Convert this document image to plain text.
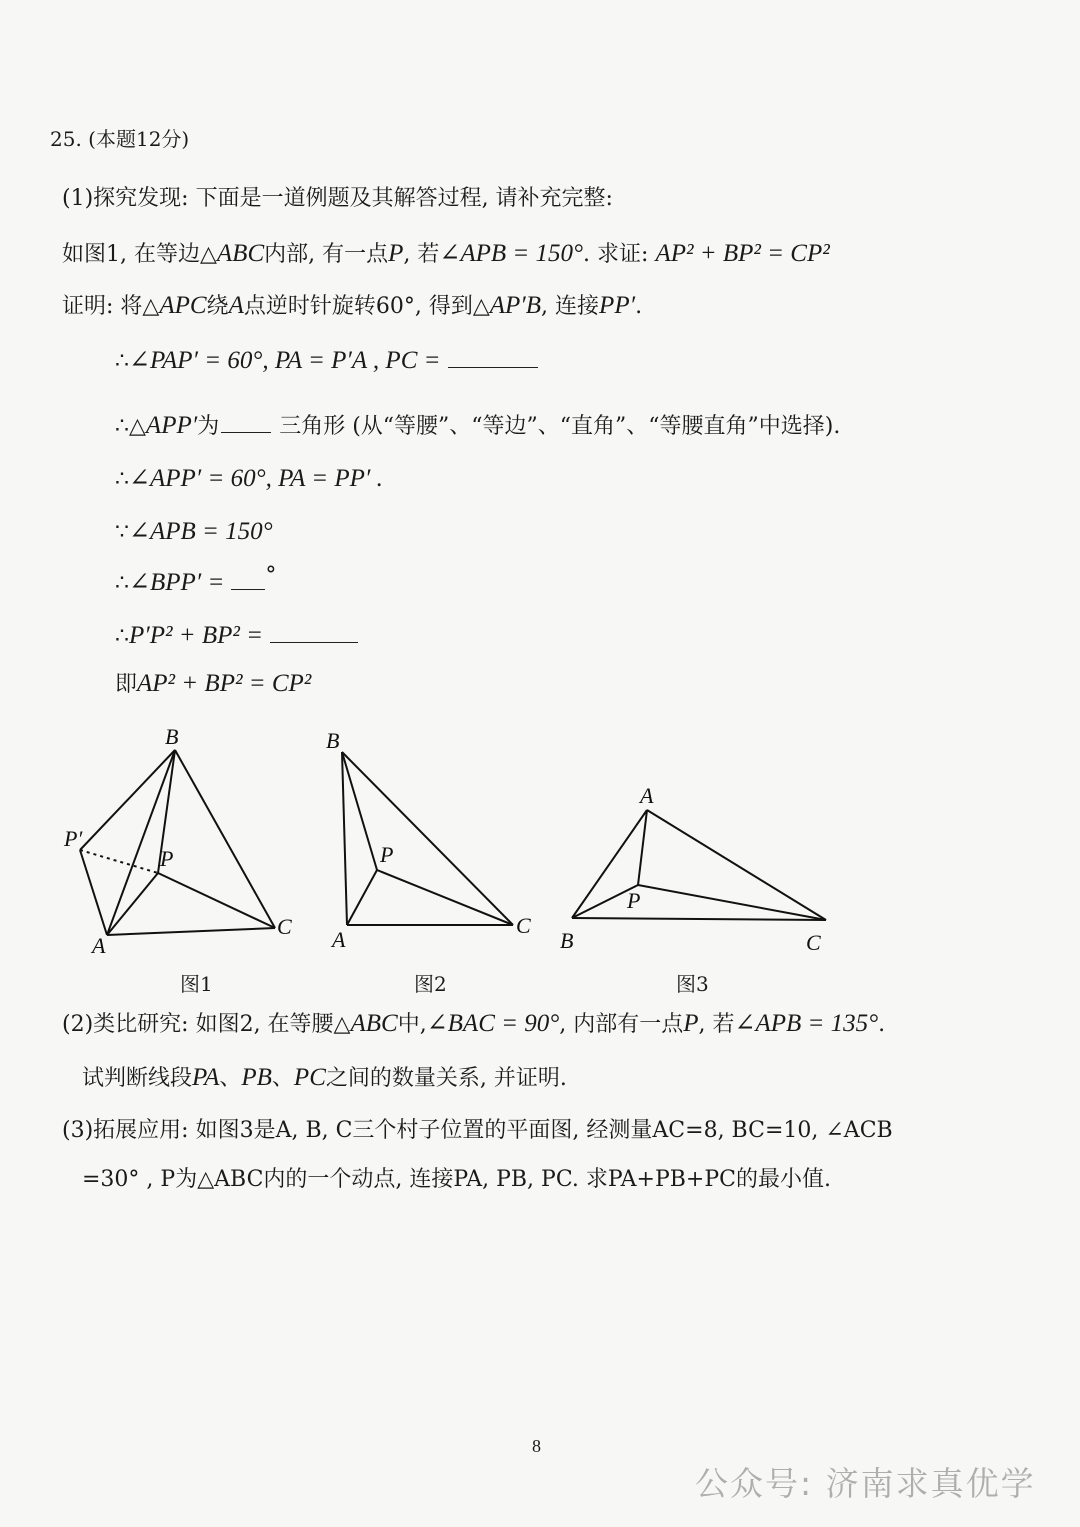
25. (本题12分)
(1)探究发现: 下面是一道例题及其解答过程, 请补充完整:
如图1, 在等边△ABC内部, 有一点P, 若∠APB = 150°. 求证: AP² + BP² = CP²
证明: 将△APC绕A点逆时针旋转60°, 得到△AP′B, 连接PP′.
∴∠PAP′ = 60°, PA = P′A , PC =
∴△APP′为	三角形 (从“等腰”、“等边”、“直角”、“等腰直角”中选择).
∴∠APP′ = 60°, PA = PP′ .
∵∠APB = 150°
∴∠BPP′ = °
∴P′P² + BP² =
即AP² + BP² = CP²
B
P′
P
C
A
B
P
C
A
A
P
B	C
图1	图2	图3
(2)类比研究: 如图2, 在等腰△ABC中,∠BAC = 90°, 内部有一点P, 若∠APB = 135°.
试判断线段PA、PB、PC之间的数量关系, 并证明.
(3)拓展应用: 如图3是A, B, C三个村子位置的平面图, 经测量AC=8, BC=10, ∠ACB
=30° , P为△ABC内的一个动点, 连接PA, PB, PC. 求PA+PB+PC的最小值.
8
公众号: 济南求真优学
